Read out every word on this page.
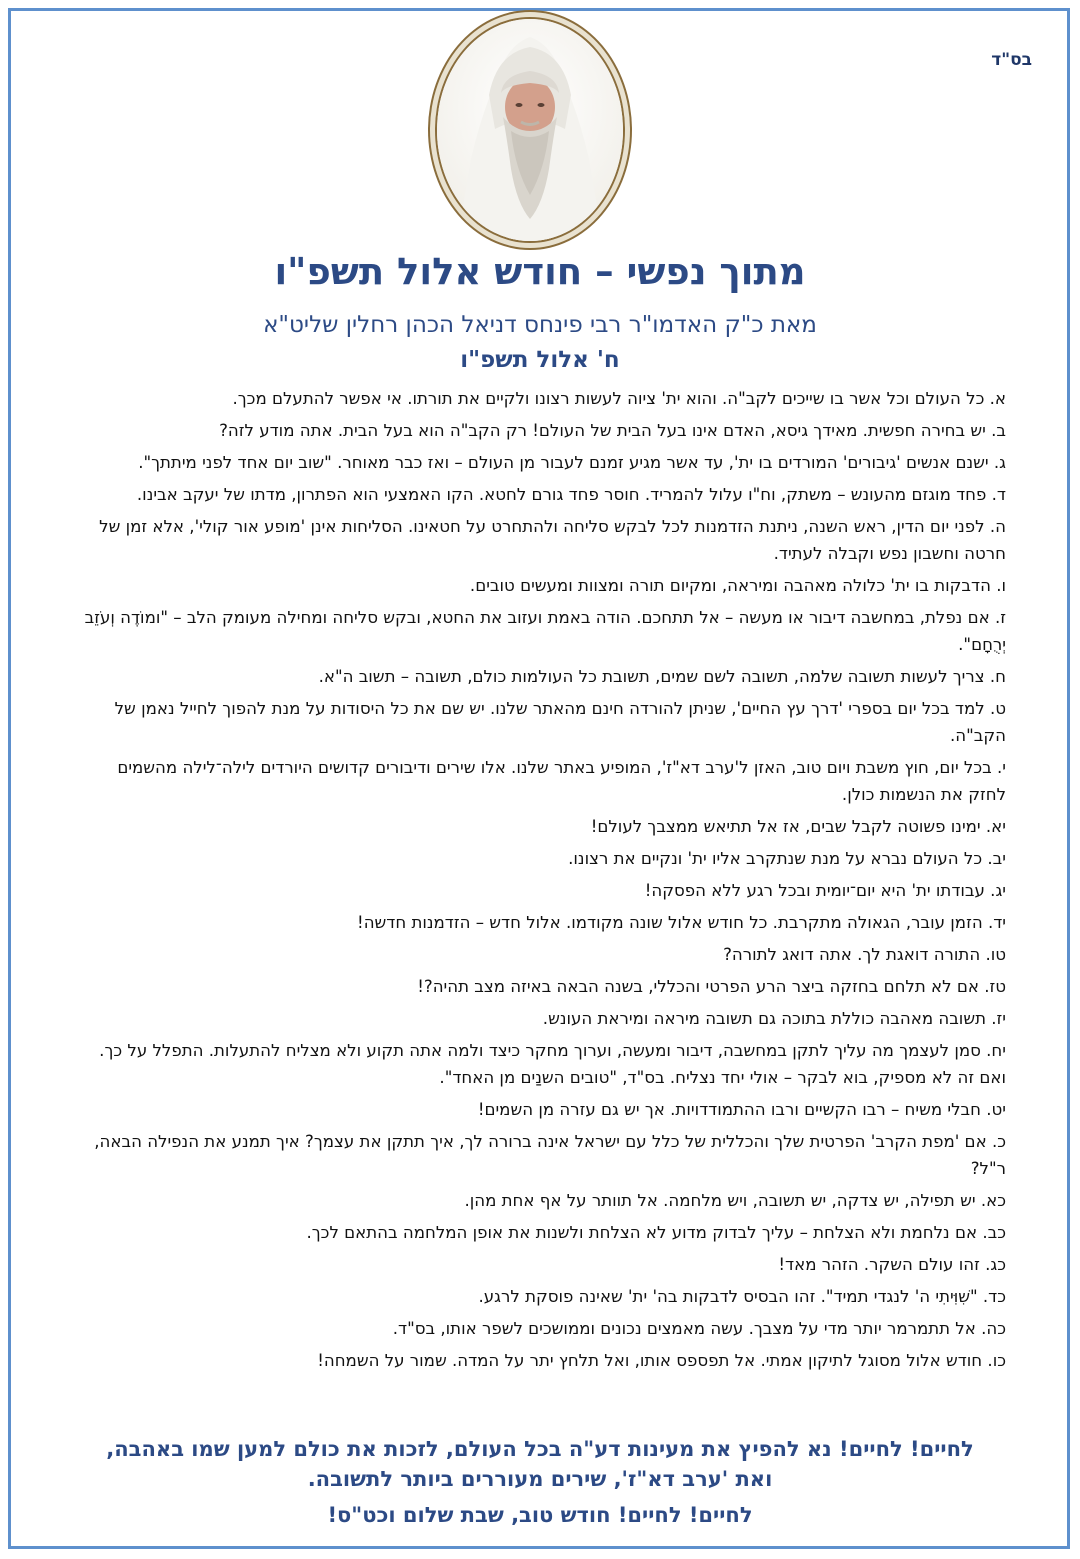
בס"ד
מתוך נפשי – חודש אלול תשפ"ו
מאת כ"ק האדמו"ר רבי פינחס דניאל הכהן רחלין שליט"א
ח' אלול תשפ"ו
א. כל העולם וכל אשר בו שייכים לקב"ה. והוא ית' ציוה לעשות רצונו ולקיים את תורתו. אי אפשר להתעלם מכך.
ב. יש בחירה חפשית. מאידך גיסא, האדם אינו בעל הבית של העולם! רק הקב"ה הוא בעל הבית. אתה מודע לזה?
ג. ישנם אנשים 'גיבורים' המורדים בו ית', עד אשר מגיע זמנם לעבור מן העולם – ואז כבר מאוחר. "שוב יום אחד לפני מיתתך".
ד. פחד מוגזם מהעונש – משתק, וח"ו עלול להמריד. חוסר פחד גורם לחטא. הקו האמצעי הוא הפתרון, מדתו של יעקב אבינו.
ה. לפני יום הדין, ראש השנה, ניתנת הזדמנות לכל לבקש סליחה ולהתחרט על חטאינו. הסליחות אינן 'מופע אור קולי', אלא זמן של חרטה וחשבון נפש וקבלה לעתיד.
ו. הדבקות בו ית' כלולה מאהבה ומיראה, ומקיום תורה ומצוות ומעשים טובים.
ז. אם נפלת, במחשבה דיבור או מעשה – אל תתחכם. הודה באמת ועזוב את החטא, ובקש סליחה ומחילה מעומק הלב – "ומוֹדֶה וְעֹזֵב יְרֻחָם".
ח. צריך לעשות תשובה שלמה, תשובה לשם שמים, תשובת כל העולמות כולם, תשובה – תשוב ה"א.
ט. למד בכל יום בספרי 'דרך עץ החיים', שניתן להורדה חינם מהאתר שלנו. יש שם את כל היסודות על מנת להפוך לחייל נאמן של הקב"ה.
י. בכל יום, חוץ משבת ויום טוב, האזן ל'ערב דא"ז', המופיע באתר שלנו. אלו שירים ודיבורים קדושים היורדים לילה־לילה מהשמים לחזק את הנשמות כולן.
יא. ימינו פשוטה לקבל שבים, אז אל תתיאש ממצבך לעולם!
יב. כל העולם נברא על מנת שנתקרב אליו ית' ונקיים את רצונו.
יג. עבודתו ית' היא יום־יומית ובכל רגע ללא הפסקה!
יד. הזמן עובר, הגאולה מתקרבת. כל חודש אלול שונה מקודמו. אלול חדש – הזדמנות חדשה!
טו. התורה דואגת לך. אתה דואג לתורה?
טז. אם לא תלחם בחזקה ביצר הרע הפרטי והכללי, בשנה הבאה באיזה מצב תהיה?!
יז. תשובה מאהבה כוללת בתוכה גם תשובה מיראה ומיראת העונש.
יח. סמן לעצמך מה עליך לתקן במחשבה, דיבור ומעשה, וערוך מחקר כיצד ולמה אתה תקוע ולא מצליח להתעלות. התפלל על כך. ואם זה לא מספיק, בוא לבקר – אולי יחד נצליח. בס"ד, "טובים השנַים מן האחד".
יט. חבלי משיח – רבו הקשיים ורבו ההתמודדויות. אך יש גם עזרה מן השמים!
כ. אם 'מפת הקרב' הפרטית שלך והכללית של כלל עם ישראל אינה ברורה לך, איך תתקן את עצמך? איך תמנע את הנפילה הבאה, ר"ל?
כא. יש תפילה, יש צדקה, יש תשובה, ויש מלחמה. אל תוותר על אף אחת מהן.
כב. אם נלחמת ולא הצלחת – עליך לבדוק מדוע לא הצלחת ולשנות את אופן המלחמה בהתאם לכך.
כג. זהו עולם השקר. הזהר מאד!
כד. "שִׁוִּיתִי ה' לנגדי תמיד". זהו הבסיס לדבקות בה' ית' שאינה פוסקת לרגע.
כה. אל תתמרמר יותר מדי על מצבך. עשה מאמצים נכונים וממושכים לשפר אותו, בס"ד.
כו. חודש אלול מסוגל לתיקון אמתי. אל תפספס אותו, ואל תלחץ יתר על המדה. שמור על השמחה!
לחיים! לחיים! נא להפיץ את מעינות דע"ה בכל העולם, לזכות את כולם למען שמו באהבה,
ואת 'ערב דא"ז', שירים מעוררים ביותר לתשובה.
לחיים! לחיים! חודש טוב, שבת שלום וכט"ס!
